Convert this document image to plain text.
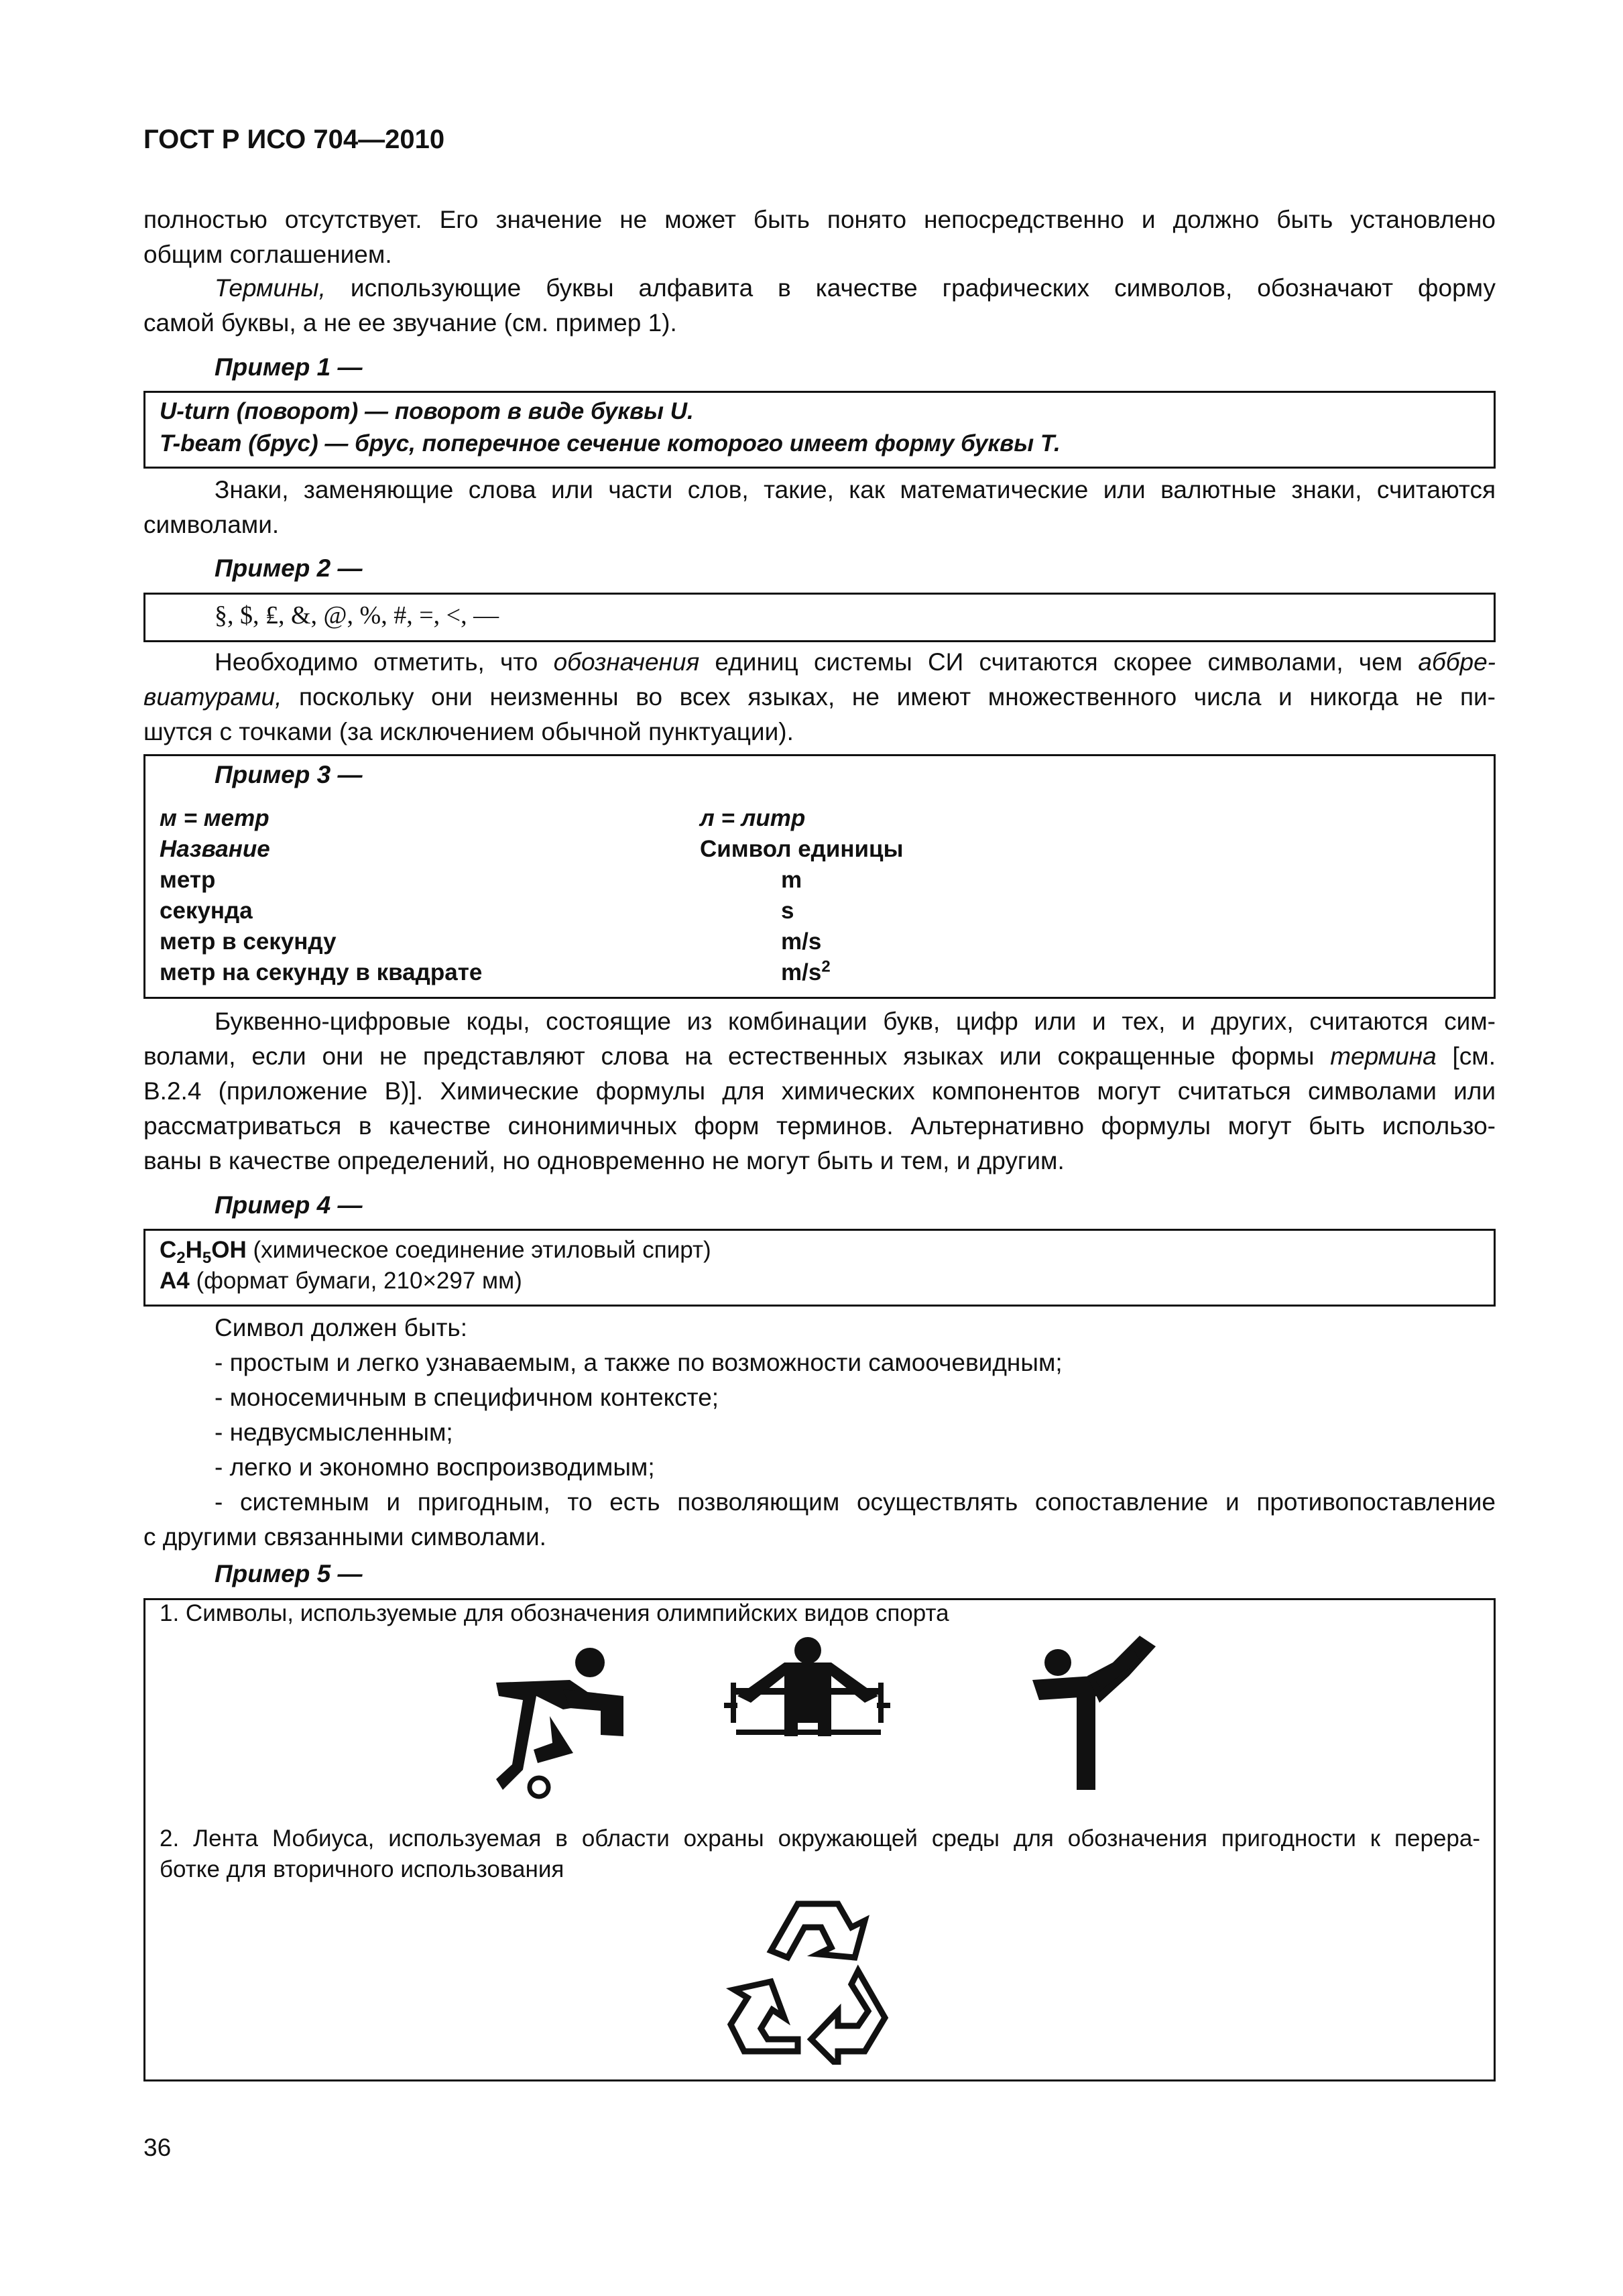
ГОСТ Р ИСО 704—2010
полностью отсутствует. Его значение не может быть понято непосредственно и должно быть установлено
общим соглашением.
Термины, использующие буквы алфавита в качестве графических символов, обозначают форму
самой буквы, а не ее звучание (см. пример 1).
Пример 1 —
U-turn (поворот) — поворот в виде буквы U.
T-beam (брус) — брус, поперечное сечение которого имеет форму буквы Т.
Знаки, заменяющие слова или части слов, такие, как математические или валютные знаки, считаются
символами.
Пример 2 —
§, $, ₤, &, @, %, #, =, <, —
Необходимо отметить, что обозначения единиц системы СИ считаются скорее символами, чем аббре-
виатурами, поскольку они неизменны во всех языках, не имеют множественного числа и никогда не пи-
шутся с точками (за исключением обычной пунктуации).
Пример 3 —
м = метр	л = литр
Название	Символ единицы
метр	m
секунда	s
метр в секунду	m/s
метр на секунду в квадрате	$m/s^2$
Буквенно-цифровые коды, состоящие из комбинации букв, цифр или и тех, и других, считаются сим-
волами, если они не представляют слова на естественных языках или сокращенные формы термина [см.
В.2.4 (приложение В)]. Химические формулы для химических компонентов могут считаться символами или
рассматриваться в качестве синонимичных форм терминов. Альтернативно формулы могут быть использо-
ваны в качестве определений, но одновременно не могут быть и тем, и другим.
Пример 4 —
$C_2H_5OH$ (химическое соединение этиловый спирт)
A4 (формат бумаги, 210×297 мм)
Символ должен быть:
- простым и легко узнаваемым, а также по возможности самоочевидным;
- моносемичным в специфичном контексте;
- недвусмысленным;
- легко и экономно воспроизводимым;
- системным и пригодным, то есть позволяющим осуществлять сопоставление и противопоставление
с другими связанными символами.
Пример 5 —
1. Символы, используемые для обозначения олимпийских видов спорта
2. Лента Мобиуса, используемая в области охраны окружающей среды для обозначения пригодности к перера-
ботке для вторичного использования
36
